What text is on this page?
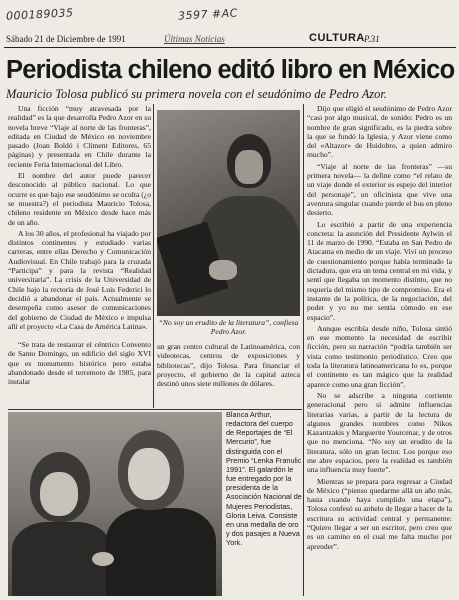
000189035	3597 #AC
Sábado 21 de Diciembre de 1991	Últimas Noticias	CULTURA P.31
Periodista chileno editó libro en México
Mauricio Tolosa publicó su primera novela con el seudónimo de Pedro Azor.

Una ficción “muy atravesada por la realidad” es la que desarrolla Pedro Azor en su novela breve “Viaje al norte de las fronteras”, editada en Ciudad de México en noviembre pasado (Joan Boldó i Climent Editores, 65 páginas) y presentada en Chile durante la reciente Feria Internacional del Libro.

El nombre del autor puede parecer desconocido al público nacional. Lo que ocurre es que bajo ese seudónimo se oculta (¿o se muestra?) el periodista Mauricio Tolosa, chileno residente en México desde hace más de un año.

A los 30 años, el profesional ha viajado por distintos continentes y estudiado varias carreras, entre ellas Derecho y Comunicación Audiovisual. En Chile trabajó para la cruzada “Participa” y para la revista “Realidad universitaria”. La crisis de la Universidad de Chile bajo la rectoría de José Luis Federici lo decidió a abandonar el país. Actualmente se desempeña como asesor de comunicaciones del gobierno de Ciudad de México e impulsa allí el proyecto «La Casa de América Latina».

“Se trata de restaurar el céntrico Convento de Santo Domingo, un edificio del siglo XVI que es monumento histórico pero estaba abandonado desde el terremoto de 1985, para instalar

“No soy un erudito de la literatura”, confiesa Pedro Azor.

un gran centro cultural de Latinoamérica, con videotecas, centros de exposiciones y bibliotecas”, dijo Tolosa. Para financiar el proyecto, el gobierno de la capital azteca destinó unos siete millones de dólares.

Dijo que eligió el seudónimo de Pedro Azor “casi por algo musical, de sonido: Pedro es un nombre de gran significado, es la piedra sobre la que se fundó la Iglesia, y Azor viene como del «Altazor» de Huidobro, a quien admiro mucho”.

“Viaje al norte de las fronteras” —su primera novela— la define como “el relato de un viaje donde el exterior es espejo del interior del personaje”, un oficinista que vive una aventura singular cuando pierde el bus en pleno desierto.

Lo escribió a partir de una experiencia concreta: la asunción del Presidente Aylwin el 11 de marzo de 1990. “Estaba en San Pedro de Atacama en medio de un viaje. Viví un proceso de cuestionamiento porque había terminado la dictadura, que era un tema central en mi vida, y sentí que llegaba un momento distinto, que no requería del mismo tipo de compromiso. Era el instante de la política, de la negociación, del poder y yo no me sentía cómodo en ese espacio”.

Aunque escribía desde niño, Tolosa sintió en ese momento la necesidad de escribir ficción, pero su narración “podría también ser vista como testimonio periodístico. Creo que toda la literatura latinoamericana lo es, porque el continente es tan mágico que la realidad aparece como una gran ficción”.

No se adscribe a ninguna corriente generacional pero sí admite influencias literarias varias, a partir de la lectura de algunos grandes nombres como Nikos Kazantzakis y Marguerite Yourcenar, y de otros que no menciona. “No soy un erudito de la literatura, sólo un gran lector. Los porque eso me abre espacios, pero la realidad es también una influencia muy fuerte”.

Mientras se prepara para regresar a Ciudad de México (“pienso quedarme allá un año más, hasta cuando haya cumplido una etapa”), Tolosa confesó su anhelo de llegar a hacer de la escritura su actividad central y permanente: “Quiero llegar a ser un escritor, pero creo que es un camino en el cual me falta mucho por aprender”.

Blanca Arthur, redactora del cuerpo de Reportajes de “El Mercurio”, fue distinguida con el Premio “Lenka Franulic 1991”. El galardón le fue entregado por la presidenta de la Asociación Nacional de Mujeres Periodistas, Gloria Leiva. Consiste en una medalla de oro y dos pasajes a Nueva York.
